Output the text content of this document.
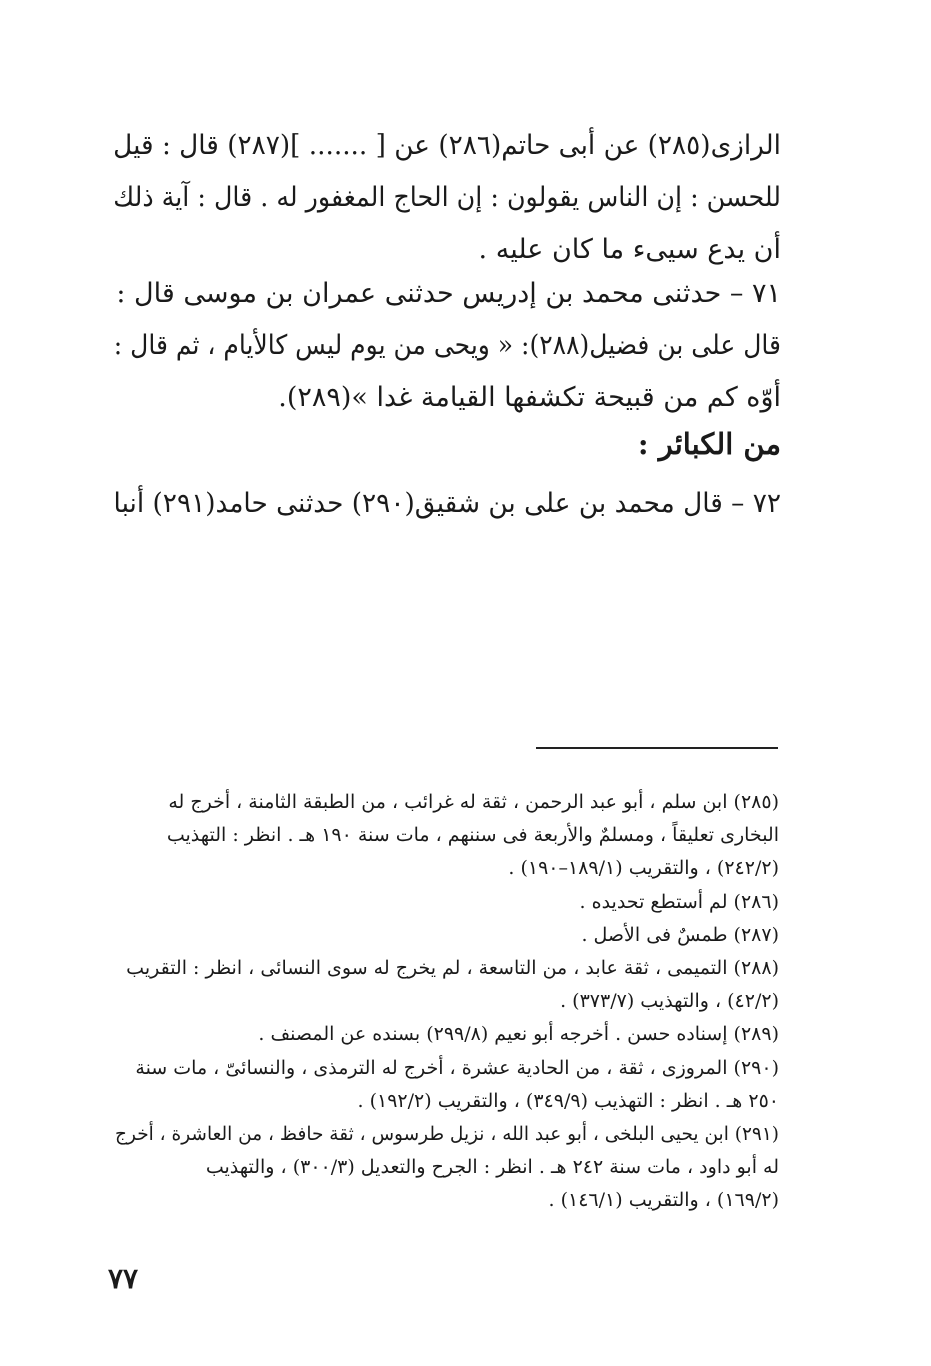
الرازى(٢٨٥) عن أبى حاتم(٢٨٦) عن [ ....... ](٢٨٧) قال : قيل
للحسن : إن الناس يقولون : إن الحاج المغفور له . قال : آية ذلك
أن يدع سيىء ما كان عليه .
٧١ – حدثنى محمد بن إدريس حدثنى عمران بن موسى قال :
قال على بن فضيل(٢٨٨): « ويحى من يوم ليس كالأيام ، ثم قال :
أوّه كم من قبيحة تكشفها القيامة غدا »(٢٨٩).
من الكبائر :
٧٢ – قال محمد بن على بن شقيق(٢٩٠) حدثنى حامد(٢٩١) أنبا
(٢٨٥) ابن سلم ، أبو عبد الرحمن ، ثقة له غرائب ، من الطبقة الثامنة ، أخرج له
البخارى تعليقاً ، ومسلمٌ والأربعة فى سننهم ، مات سنة ١٩٠ هـ . انظر : التهذيب
(٢٤٢/٢) ، والتقريب (١٨٩/١–١٩٠) .
(٢٨٦) لم أستطع تحديده .
(٢٨٧) طمسٌ فى الأصل .
(٢٨٨) التميمى ، ثقة عابد ، من التاسعة ، لم يخرج له سوى النسائى ، انظر : التقريب
(٤٢/٢) ، والتهذيب (٣٧٣/٧) .
(٢٨٩) إسناده حسن . أخرجه أبو نعيم (٢٩٩/٨) بسنده عن المصنف .
(٢٩٠) المروزى ، ثقة ، من الحادية عشرة ، أخرج له الترمذى ، والنسائىّ ، مات سنة
٢٥٠ هـ . انظر : التهذيب (٣٤٩/٩) ، والتقريب (١٩٢/٢) .
(٢٩١) ابن يحيى البلخى ، أبو عبد الله ، نزيل طرسوس ، ثقة حافظ ، من العاشرة ، أخرج
له أبو داود ، مات سنة ٢٤٢ هـ . انظر : الجرح والتعديل (٣٠٠/٣) ، والتهذيب
(١٦٩/٢) ، والتقريب (١٤٦/١) .
٧٧
